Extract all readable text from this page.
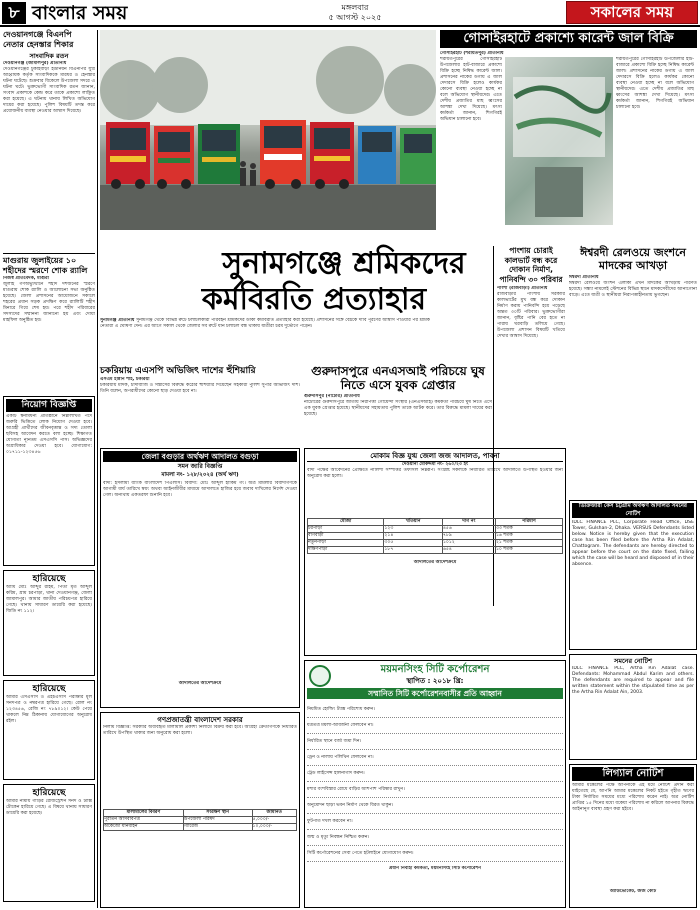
৮ বাংলার সময়	মঙ্গলবার
৫ আগস্ট ২০২৫	সকালের সময়
দেওয়ানগঞ্জে বিএনপি নেতার হেনস্তার শিকার
সাংবাদিক রতন
দেওয়ানগঞ্জ (জামালপুর) প্রতিনিধি
দেওয়ানগঞ্জের চুকাইবাড়ী ইউনিয়ন বিএনপির যুগ্ম আহ্বায়ক কর্তৃক সাংবাদিককে মারধর ও হেনস্তার ঘটনা ঘটেছে। শুক্রবার বিকেলে উপজেলা সদরে এ ঘটনা ঘটে। ভুক্তভোগী সাংবাদিক রতন জানান, সংবাদ প্রকাশকে কেন্দ্র করে তাকে প্রকাশ্যে লাঞ্ছিত করা হয়েছে। এ ঘটনায় থানায় লিখিত অভিযোগ দায়ের করা হয়েছে। পুলিশ বিষয়টি তদন্ত করে প্রয়োজনীয় ব্যবস্থা নেওয়ার আশ্বাস দিয়েছে।
মাগুরায় জুলাইয়ের ১০ শহীদের স্মরণে শোক র‌্যালি
নিজস্ব প্রতিবেদক, মাগুরা
জুলাই গণঅভ্যুত্থানে শহীদ দশজনের স্মরণে মাগুরায় শোক র‌্যালি ও আলোচনা সভা অনুষ্ঠিত হয়েছে। জেলা প্রশাসনের আয়োজনে সকালে শহরের প্রধান সড়ক প্রদক্ষিণ করে র‌্যালিটি শহীদ মিনারে গিয়ে শেষ হয়। পরে শহীদ পরিবারের সদস্যদের সম্মাননা জানানো হয় এবং দোয়া মাহফিল অনুষ্ঠিত হয়।
নিয়োগ বিজ্ঞপ্তি
একটি স্বনামধন্য প্রতিষ্ঠানে নিম্নলিখিত পদে জরুরি ভিত্তিতে লোক নিয়োগ দেওয়া হবে। আগ্রহী প্রার্থীদের জীবনবৃত্তান্ত ও সদ্য তোলা ছবিসহ আবেদন করতে বলা হচ্ছে। শিক্ষাগত যোগ্যতা ন্যূনতম এসএসসি পাস। অভিজ্ঞদের অগ্রাধিকার দেওয়া হবে। যোগাযোগ: ০১৭১১-১২৩৪৫৬
হারিয়েছে
আমি মোঃ আব্দুর রহিম, পিতা মৃত আব্দুল করিম, গ্রাম চরপাড়া, থানা দেওয়ানগঞ্জ, জেলা জামালপুর। আমার জাতীয় পরিচয়পত্র হারিয়ে গেছে। থানায় সাধারণ ডায়েরি করা হয়েছে। জিডি নং ১১২।
হারিয়েছে
আমার এসএসসি ও এইচএসসি পরীক্ষার মূল সনদপত্র ও নম্বরপত্র হারিয়ে গেছে। রোল নং ১২৩৪৫৬, রেজি নং ৭৮৯০১২। কেউ পেয়ে থাকলে নিম্ন ঠিকানায় যোগাযোগের অনুরোধ রইল।
হারিয়েছে
আমার নামীয় গাড়ির রেজিস্ট্রেশন সনদ ও ট্যাক্স টোকেন হারিয়ে গেছে। এ বিষয়ে থানায় সাধারণ ডায়েরি করা হয়েছে।
গোসাইরহাটে প্রকাশ্যে কারেন্ট জাল বিক্রি
গোসাইরহাট (শরীয়তপুর) প্রতিনিধি
শরীয়তপুরের গোসাইরহাট উপজেলার হাট-বাজারে প্রকাশ্যে বিক্রি হচ্ছে নিষিদ্ধ কারেন্ট জাল। প্রশাসনের নাকের ডগায় এ জাল দেদারসে বিক্রি হলেও কার্যকর কোনো ব্যবস্থা নেওয়া হচ্ছে না বলে অভিযোগ স্থানীয়দের। এতে দেশীয় প্রজাতির মাছ ধ্বংসের আশঙ্কা দেখা দিয়েছে। মৎস্য কর্মকর্তা জানান, শিগগিরই অভিযান চালানো হবে।
শরীয়তপুরের গোসাইরহাট উপজেলার হাট-বাজারে প্রকাশ্যে বিক্রি হচ্ছে নিষিদ্ধ কারেন্ট জাল। প্রশাসনের নাকের ডগায় এ জাল দেদারসে বিক্রি হলেও কার্যকর কোনো ব্যবস্থা নেওয়া হচ্ছে না বলে অভিযোগ স্থানীয়দের। এতে দেশীয় প্রজাতির মাছ ধ্বংসের আশঙ্কা দেখা দিয়েছে। মৎস্য কর্মকর্তা জানান, শিগগিরই অভিযান চালানো হবে।
সুনামগঞ্জে শ্রমিকদের
কর্মবিরতি প্রত্যাহার
সুনামগঞ্জ প্রতিনিধি সুনামগঞ্জ থেকে বিভিন্ন রুটে চলাচলকারী পরিবহন শ্রমিকদের ডাকা কর্মবিরতি প্রত্যাহার করা হয়েছে। প্রশাসনের সঙ্গে বৈঠকে দাবি পূরণের আশ্বাস পাওয়ার পর শ্রমিক নেতারা এ ঘোষণা দেন। এর আগে সকাল থেকে জেলার সব রুটে যান চলাচল বন্ধ থাকায় যাত্রীরা চরম দুর্ভোগে পড়েন।
চকরিয়ায় এএসপি অভিজিৎ দাশের হুঁশিয়ারি
এসএম হান্নান শাহ, চকরিয়া
চকরিয়ায় মাদক, চাঁদাবাজি ও সন্ত্রাসের বিরুদ্ধে কঠোর হুঁশিয়ারি দিয়েছেন সহকারী পুলিশ সুপার অভিজিৎ দাশ। তিনি বলেন, অপরাধীদের কোনো ছাড় দেওয়া হবে না।
গুরুদাসপুরে এনএসআই পরিচয়ে ঘুষ নিতে এসে যুবক গ্রেপ্তার
গুরুদাসপুর (নাটোর) প্রতিনিধি
নাটোরের গুরুদাসপুরে জাতীয় নিরাপত্তা গোয়েন্দা সংস্থার (এনএসআই) কর্মকর্তা পরিচয়ে ঘুষ নিতে এসে এক যুবক গ্রেপ্তার হয়েছে। স্থানীয়দের সহায়তায় পুলিশ তাকে আটক করে। তার বিরুদ্ধে মামলা দায়ের করা হয়েছে।
পাংশায় চোরাই কালভার্ট বন্ধ করে দোকান নির্মাণ, পানিবন্দি ৩০ পরিবার
পাংশা (রাজবাড়ী) প্রতিনিধি
রাজবাড়ীর পাংশায় সরকারি কালভার্টের মুখ বন্ধ করে দোকান নির্মাণ করায় পানিবন্দি হয়ে পড়েছে অন্তত ৩০টি পরিবার। ভুক্তভোগীরা জানান, বৃষ্টির পানি বের হতে না পারায় ঘরবাড়ি তলিয়ে গেছে। উপজেলা প্রশাসন বিষয়টি খতিয়ে দেখার আশ্বাস দিয়েছে।
ঈশ্বরদী রেলওয়ে জংশনে মাদকের আখড়া
ঈশ্বরদী প্রতিনিধি
ঈশ্বরদী রেলওয়ে জংশন এলাকা এখন মাদকের আখড়ায় পরিণত হয়েছে। সন্ধ্যা নামলেই স্টেশনের বিভিন্ন স্থানে মাদকসেবীদের আনাগোনা বাড়ে। এতে যাত্রী ও স্থানীয়রা নিরাপত্তাহীনতায় ভুগছেন।
জেলা বগুড়ার অর্থঋণ আদালত বগুড়া
সমন জারি বিজ্ঞপ্তি
মামলা নং- ১২৮/২০২৪ (অর্থ ঋণ)
বাদী: ইসলামী ব্যাংক বাংলাদেশ পিএলসি। বিবাদী: মোঃ আব্দুল হাকিম গং। অত্র মামলার বিবাদীগণকে আগামী ধার্য তারিখে স্বয়ং অথবা আইনজীবীর মাধ্যমে আদালতে হাজির হয়ে জবাব দাখিলের নির্দেশ দেওয়া গেল। অন্যথায় একতরফা শুনানি হবে।
আদালতের আদেশক্রমে
মোকাম বিজ্ঞ যুগ্ম জেলা জজ আদালত, পাবনা
দেওয়ানী মোকদ্দমা নং- ২৬০/২৩ ইং
বাদী পক্ষের আবেদনের প্রেক্ষিতে নালিশী সম্পত্তির তফসিল নিম্নরূপ। সংশ্লিষ্ট সকলকে নির্ধারিত তারিখে আদালতে উপস্থিত হওয়ার জন্য অনুরোধ করা হলো।
মৌজা	খতিয়ান	দাগ নং	পরিমাণ
চরপাড়া	১২৩	৪৫৬	৩৩ শতক
বাগবাড়ী	২১৪	৭৮৯	১৬ শতক
নতুনপাড়া	৩০৫	১০১২	২১ শতক
দক্ষিণপাড়া	১৮৭	৬৫৪	১০ শতক
আদালতের আদেশক্রমে
ময়মনসিংহ সিটি কর্পোরেশন
স্থাপিত : ২০১৮ খ্রি:
সম্মানিত সিটি কর্পোরেশনবাসীর প্রতি আহ্বান
নিয়মিত হোল্ডিং ট্যাক্স পরিশোধ করুন।
যত্রতত্র ময়লা-আবর্জনা ফেলবেন না।
নির্ধারিত স্থানে বর্জ্য জমা দিন।
ড্রেন ও নালায় পলিথিন ফেলবেন না।
ট্রেড লাইসেন্স হালনাগাদ করুন।
মশার বংশবিস্তার রোধে বাড়ির আশপাশ পরিষ্কার রাখুন।
অনুমোদন ছাড়া ভবন নির্মাণ থেকে বিরত থাকুন।
ফুটপাত দখল করবেন না।
জন্ম ও মৃত্যু নিবন্ধন নিশ্চিত করুন।
সিটি কর্পোরেশনের সেবা পেতে হটলাইনে যোগাযোগ করুন।
প্রধান নির্বাহী কর্মকর্তা, ময়মনসিংহ সিটি কর্পোরেশন
গণপ্রজাতন্ত্রী বাংলাদেশ সরকার
নিলাম বিজ্ঞপ্তি: সরকারি অব্যবহৃত মালামাল প্রকাশ্য নিলামে বিক্রয় করা হবে। আগ্রহী ক্রেতাগণকে নির্ধারিত তারিখে উপস্থিত থাকার জন্য অনুরোধ করা হলো।
মালামালের বিবরণ	সংরক্ষণ স্থান	জামানত
পুরাতন আসবাবপত্র	উপজেলা পরিষদ	৫,০০০/-
অকেজো যানবাহন	গ্যারেজ	১০,০০০/-
ডিক্রিজারী কেস চট্টগ্রাম অর্থঋণ আদালত সমনের নোটিশ
IDLC FINANCE PLC, Corporate Head Office, DSE Tower, Gulshan-2, Dhaka. VERSUS Defendants listed below. Notice is hereby given that the execution case has been filed before the Artha Rin Adalat, Chattogram. The defendants are hereby directed to appear before the court on the date fixed, failing which the case will be heard and disposed of in their absence.
সমনের নোটিশ
IDLC FINANCE PLC, Artha Rin Adalat case. Defendants: Mohammad Abdul Karim and others. The defendants are required to appear and file written statement within the stipulated time as per the Artha Rin Adalat Ain, 2003.
লিগ্যাল নোটিশ
আমার মক্কেলের পক্ষে আপনাকে এই মর্মে নোটিশ প্রদান করা যাইতেছে যে, আপনি আমার মক্কেলের নিকট হইতে গৃহীত ঋণের টাকা নির্ধারিত সময়ের মধ্যে পরিশোধ করেন নাই। অত্র নোটিশ প্রাপ্তির ১৫ দিনের মধ্যে বকেয়া পরিশোধ না করিলে আপনার বিরুদ্ধে আইনানুগ ব্যবস্থা গ্রহণ করা হইবে।
অ্যাডভোকেট, জজ কোর্ট
